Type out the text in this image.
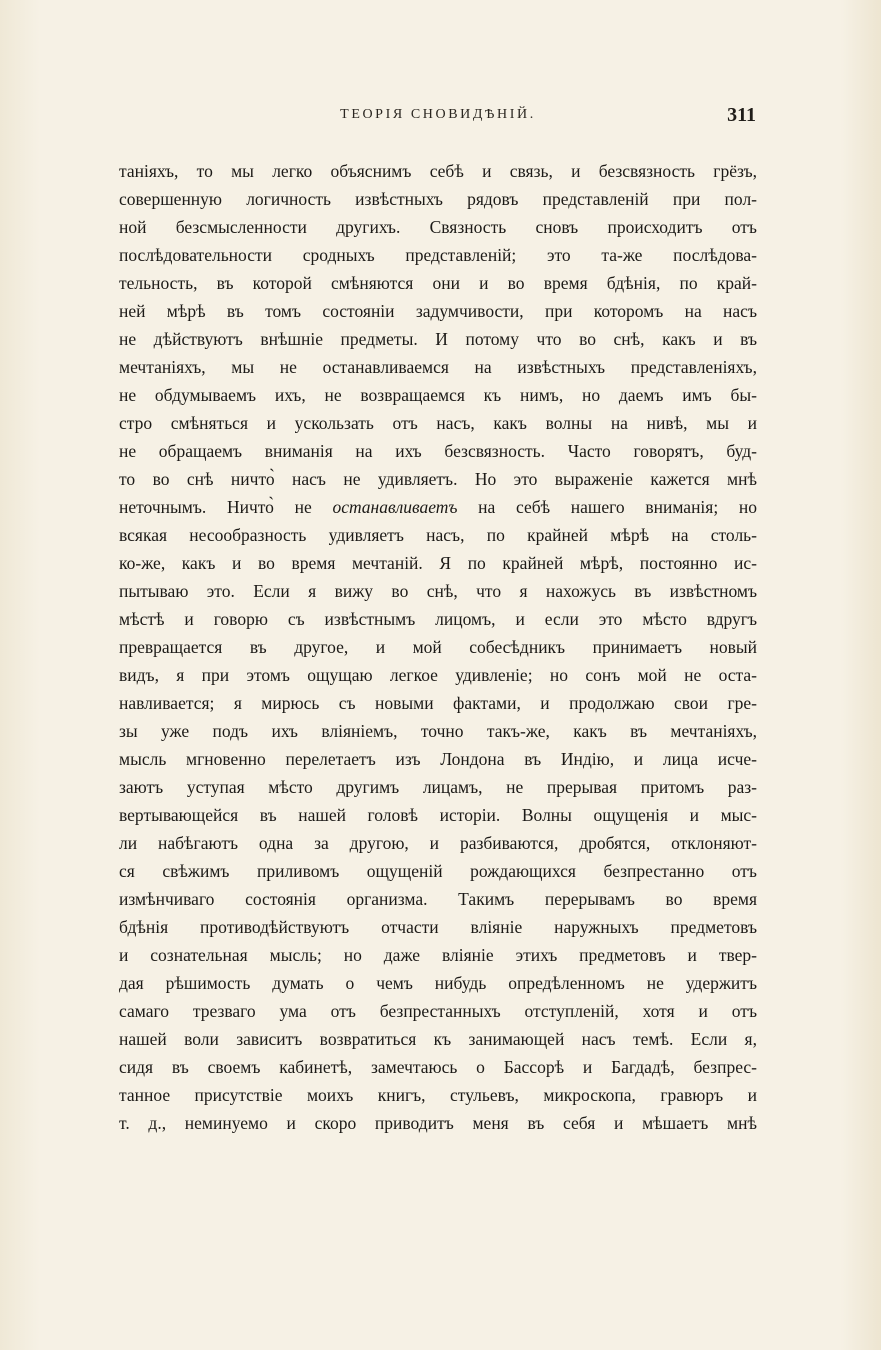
ТЕОРІЯ СНОВИДѢНІЙ.	311
таніяхъ, то мы легко объяснимъ себѣ и связь, и безсвязность грёзъ,
совершенную логичность извѣстныхъ рядовъ представленій при пол-
ной безсмысленности другихъ. Связность сновъ происходитъ отъ
послѣдовательности сродныхъ представленій; это та-же послѣдова-
тельность, въ которой смѣняются они и во время бдѣнія, по край-
ней мѣрѣ въ томъ состояніи задумчивости, при которомъ на насъ
не дѣйствуютъ внѣшніе предметы. И потому что во снѣ, какъ и въ
мечтаніяхъ, мы не останавливаемся на извѣстныхъ представленіяхъ,
не обдумываемъ ихъ, не возвращаемся къ нимъ, но даемъ имъ бы-
стро смѣняться и ускользать отъ насъ, какъ волны на нивѣ, мы и
не обращаемъ вниманія на ихъ безсвязность. Часто говорятъ, буд-
то во снѣ ничто̀ насъ не удивляетъ. Но это выраженіе кажется мнѣ
неточнымъ. Ничто̀ не останавливаетъ на себѣ нашего вниманія; но
всякая несообразность удивляетъ насъ, по крайней мѣрѣ на столь-
ко-же, какъ и во время мечтаній. Я по крайней мѣрѣ, постоянно ис-
пытываю это. Если я вижу во снѣ, что я нахожусь въ извѣстномъ
мѣстѣ и говорю съ извѣстнымъ лицомъ, и если это мѣсто вдругъ
превращается въ другое, и мой собесѣдникъ принимаетъ новый
видъ, я при этомъ ощущаю легкое удивленіе; но сонъ мой не оста-
навливается; я мирюсь съ новыми фактами, и продолжаю свои гре-
зы уже подъ ихъ вліяніемъ, точно такъ-же, какъ въ мечтаніяхъ,
мысль мгновенно перелетаетъ изъ Лондона въ Индію, и лица исче-
заютъ уступая мѣсто другимъ лицамъ, не прерывая притомъ раз-
вертывающейся въ нашей головѣ исторіи. Волны ощущенія и мыс-
ли набѣгаютъ одна за другою, и разбиваются, дробятся, отклоняют-
ся свѣжимъ приливомъ ощущеній рождающихся безпрестанно отъ
измѣнчиваго состоянія организма. Такимъ перерывамъ во время
бдѣнія противодѣйствуютъ отчасти вліяніе наружныхъ предметовъ
и сознательная мысль; но даже вліяніе этихъ предметовъ и твер-
дая рѣшимость думать о чемъ нибудь опредѣленномъ не удержитъ
самаго трезваго ума отъ безпрестанныхъ отступленій, хотя и отъ
нашей воли зависитъ возвратиться къ занимающей насъ темѣ. Если я,
сидя въ своемъ кабинетѣ, замечтаюсь о Бассорѣ и Багдадѣ, безпрес-
танное присутствіе моихъ книгъ, стульевъ, микроскопа, гравюръ и
т. д., неминуемо и скоро приводитъ меня въ себя и мѣшаетъ мнѣ
